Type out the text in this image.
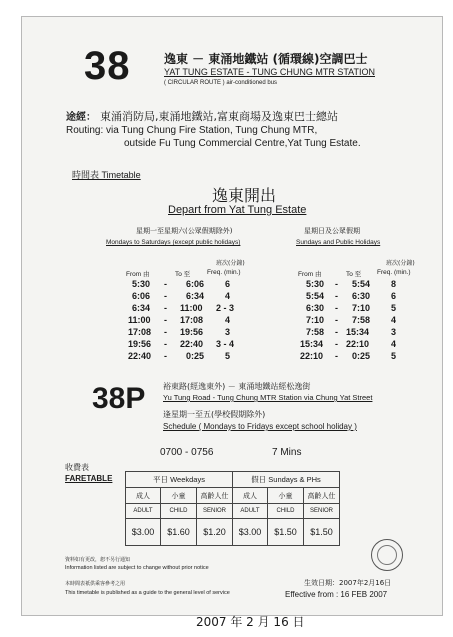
38	逸東 － 東涌地鐵站 (循環線)空調巴士
YAT TUNG ESTATE - TUNG CHUNG MTR STATION
( CIRCULAR ROUTE ) air-conditioned bus
途經： 東涌消防局,東涌地鐵站,富東商場及逸東巴士總站
Routing: via Tung Chung Fire Station, Tung Chung MTR,
outside Fu Tung Commercial Centre,Yat Tung Estate.
時間表 Timetable
逸東開出
Depart from Yat Tung Estate
星期一至星期六(公眾假期除外)
Mondays to Saturdays (except public holidays)
班次(分鐘)
From 由	To 至	Freq. (min.)
5:30 - 6:06 6
6:06 - 6:34 4
6:34 - 11:00 2 - 3
11:00 - 17:08 4
17:08 - 19:56 3
19:56 - 22:40 3 - 4
22:40 - 0:25 5
星期日及公眾假期
Sundays and Public Holidays
班次(分鐘)
From 由	To 至 Freq. (min.)
5:30 - 5:54 8
5:54 - 6:30 6
6:30 - 7:10 5
7:10 - 7:58 4
7:58 - 15:34 3
15:34 - 22:10 4
22:10 - 0:25 5
38P 裕東路(經逸東外) － 東涌地鐵站經松逸街
Yu Tung Road - Tung Chung MTR Station via Chung Yat Street
逢星期一至五(學校假期除外)
Schedule ( Mondays to Fridays except school holiday )
0700 - 0756	7 Mins
收費表
FARETABLE	平日 Weekdays			假日 Sundays & PHs		
成人	小童	高齡人仕	成人	小童	高齡人仕
ADULT	CHILD	SENIOR	ADULT	CHILD	SENIOR
$3.00	$1.60	$1.20	$3.00	$1.50	$1.50
資料如有更改，恕不另行通知
Information listed are subject to change without prior notice
本時間表祇供乘客參考之用
This timetable is published as a guide to the general level of service
生效日期：2007年2月16日
Effective from : 16 FEB 2007
2007 年 2 月 16 日
